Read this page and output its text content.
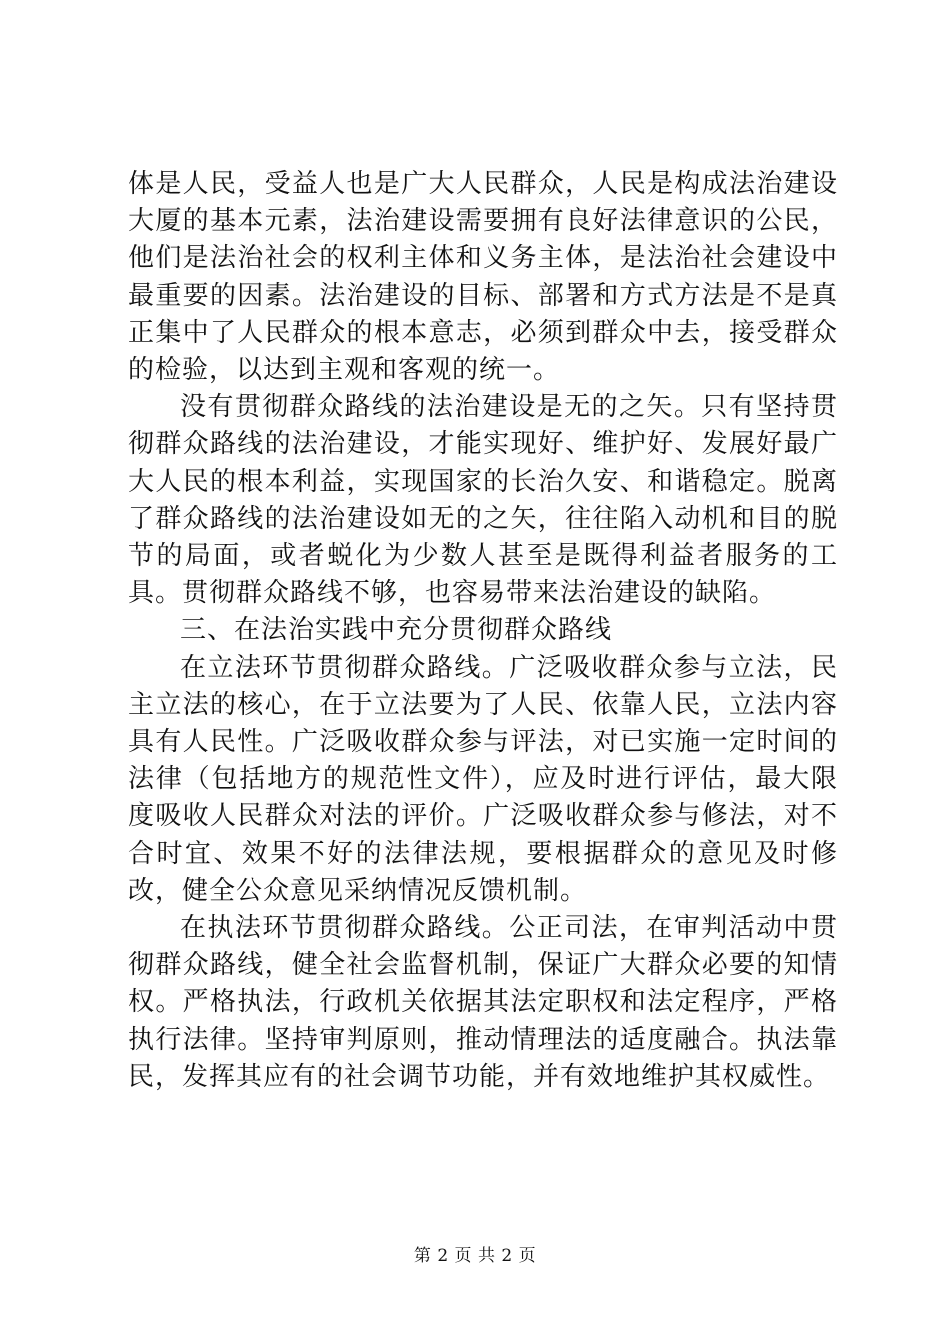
体是人民，受益人也是广大人民群众，人民是构成法治建设大厦的基本元素，法治建设需要拥有良好法律意识的公民，他们是法治社会的权利主体和义务主体，是法治社会建设中最重要的因素。法治建设的目标、部署和方式方法是不是真正集中了人民群众的根本意志，必须到群众中去，接受群众的检验，以达到主观和客观的统一。

没有贯彻群众路线的法治建设是无的之矢。只有坚持贯彻群众路线的法治建设，才能实现好、维护好、发展好最广大人民的根本利益，实现国家的长治久安、和谐稳定。脱离了群众路线的法治建设如无的之矢，往往陷入动机和目的脱节的局面，或者蜕化为少数人甚至是既得利益者服务的工具。贯彻群众路线不够，也容易带来法治建设的缺陷。

三、在法治实践中充分贯彻群众路线

在立法环节贯彻群众路线。广泛吸收群众参与立法，民主立法的核心，在于立法要为了人民、依靠人民，立法内容具有人民性。广泛吸收群众参与评法，对已实施一定时间的法律（包括地方的规范性文件），应及时进行评估，最大限度吸收人民群众对法的评价。广泛吸收群众参与修法，对不合时宜、效果不好的法律法规，要根据群众的意见及时修改，健全公众意见采纳情况反馈机制。

在执法环节贯彻群众路线。公正司法，在审判活动中贯彻群众路线，健全社会监督机制，保证广大群众必要的知情权。严格执法，行政机关依据其法定职权和法定程序，严格执行法律。坚持审判原则，推动情理法的适度融合。执法靠民，发挥其应有的社会调节功能，并有效地维护其权威性。

第 2 页 共 2 页
